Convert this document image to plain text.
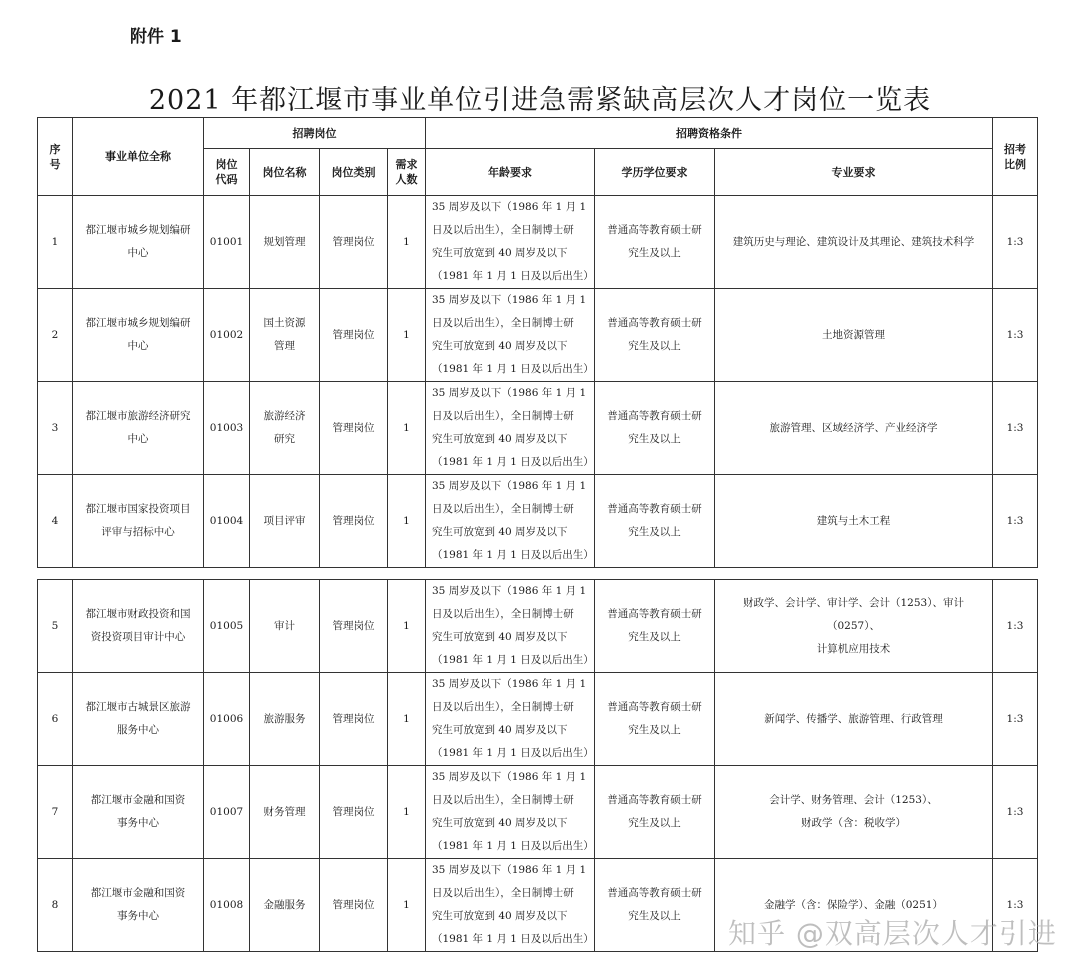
附件 1
2021 年都江堰市事业单位引进急需紧缺高层次人才岗位一览表
序
号	事业单位全称	招聘岗位				招聘资格条件			招考
比例
		岗位
代码	岗位名称	岗位类别	需求
人数	年龄要求	学历学位要求	专业要求	
1	都江堰市城乡规划编研
中心	01001	规划管理	管理岗位	1	35 周岁及以下（1986 年 1 月 1
日及以后出生），全日制博士研
究生可放宽到 40 周岁及以下
（1981 年 1 月 1 日及以后出生）	普通高等教育硕士研
究生及以上	建筑历史与理论、建筑设计及其理论、建筑技术科学	1:3
2	都江堰市城乡规划编研
中心	01002	国土资源
管理	管理岗位	1	35 周岁及以下（1986 年 1 月 1
日及以后出生），全日制博士研
究生可放宽到 40 周岁及以下
（1981 年 1 月 1 日及以后出生）	普通高等教育硕士研
究生及以上	土地资源管理	1:3
3	都江堰市旅游经济研究
中心	01003	旅游经济
研究	管理岗位	1	35 周岁及以下（1986 年 1 月 1
日及以后出生），全日制博士研
究生可放宽到 40 周岁及以下
（1981 年 1 月 1 日及以后出生）	普通高等教育硕士研
究生及以上	旅游管理、区域经济学、产业经济学	1:3
4	都江堰市国家投资项目
评审与招标中心	01004	项目评审	管理岗位	1	35 周岁及以下（1986 年 1 月 1
日及以后出生），全日制博士研
究生可放宽到 40 周岁及以下
（1981 年 1 月 1 日及以后出生）	普通高等教育硕士研
究生及以上	建筑与土木工程	1:3
5	都江堰市财政投资和国
资投资项目审计中心	01005	审计	管理岗位	1	35 周岁及以下（1986 年 1 月 1
日及以后出生），全日制博士研
究生可放宽到 40 周岁及以下
（1981 年 1 月 1 日及以后出生）	普通高等教育硕士研
究生及以上	财政学、会计学、审计学、会计（1253）、审计（0257）、
计算机应用技术	1:3
6	都江堰市古城景区旅游
服务中心	01006	旅游服务	管理岗位	1	35 周岁及以下（1986 年 1 月 1
日及以后出生），全日制博士研
究生可放宽到 40 周岁及以下
（1981 年 1 月 1 日及以后出生）	普通高等教育硕士研
究生及以上	新闻学、传播学、旅游管理、行政管理	1:3
7	都江堰市金融和国资
事务中心	01007	财务管理	管理岗位	1	35 周岁及以下（1986 年 1 月 1
日及以后出生），全日制博士研
究生可放宽到 40 周岁及以下
（1981 年 1 月 1 日及以后出生）	普通高等教育硕士研
究生及以上	会计学、财务管理、会计（1253）、
财政学（含：税收学）	1:3
8	都江堰市金融和国资
事务中心	01008	金融服务	管理岗位	1	35 周岁及以下（1986 年 1 月 1
日及以后出生），全日制博士研
究生可放宽到 40 周岁及以下
（1981 年 1 月 1 日及以后出生）	普通高等教育硕士研
究生及以上	金融学（含：保险学）、金融（0251）	1:3
知乎 @双高层次人才引进
